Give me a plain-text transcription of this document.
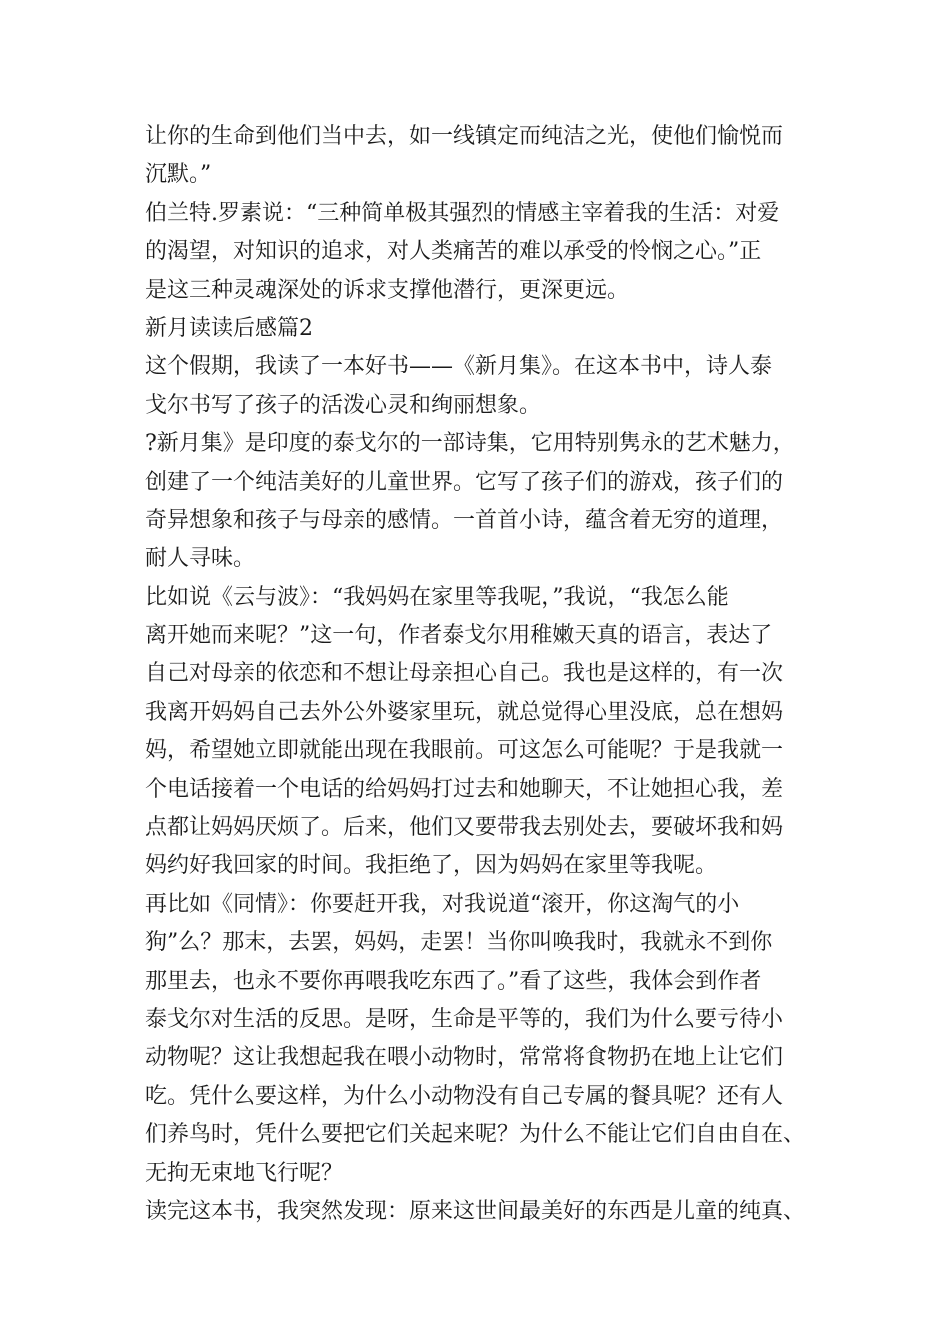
让你的生命到他们当中去，如一线镇定而纯洁之光，使他们愉悦而
沉默。”
伯兰特.罗素说：“三种简单极其强烈的情感主宰着我的生活：对爱
的渴望，对知识的追求，对人类痛苦的难以承受的怜悯之心。”正
是这三种灵魂深处的诉求支撑他潜行，更深更远。
新月读读后感篇2
这个假期，我读了一本好书——《新月集》。在这本书中，诗人泰
戈尔书写了孩子的活泼心灵和绚丽想象。
?新月集》是印度的泰戈尔的一部诗集，它用特别隽永的艺术魅力，
创建了一个纯洁美好的儿童世界。它写了孩子们的游戏，孩子们的
奇异想象和孩子与母亲的感情。一首首小诗，蕴含着无穷的道理，
耐人寻味。
比如说《云与波》：“我妈妈在家里等我呢，”我说，“我怎么能
离开她而来呢？”这一句，作者泰戈尔用稚嫩天真的语言，表达了
自己对母亲的依恋和不想让母亲担心自己。我也是这样的，有一次
我离开妈妈自己去外公外婆家里玩，就总觉得心里没底，总在想妈
妈，希望她立即就能出现在我眼前。可这怎么可能呢？于是我就一
个电话接着一个电话的给妈妈打过去和她聊天，不让她担心我，差
点都让妈妈厌烦了。后来，他们又要带我去别处去，要破坏我和妈
妈约好我回家的时间。我拒绝了，因为妈妈在家里等我呢。
再比如《同情》：你要赶开我，对我说道“滚开，你这淘气的小
狗”么？那末，去罢，妈妈，走罢！当你叫唤我时，我就永不到你
那里去，也永不要你再喂我吃东西了。”看了这些，我体会到作者
泰戈尔对生活的反思。是呀，生命是平等的，我们为什么要亏待小
动物呢？这让我想起我在喂小动物时，常常将食物扔在地上让它们
吃。凭什么要这样，为什么小动物没有自己专属的餐具呢？还有人
们养鸟时，凭什么要把它们关起来呢？为什么不能让它们自由自在、
无拘无束地飞行呢？
读完这本书，我突然发现：原来这世间最美好的东西是儿童的纯真、
